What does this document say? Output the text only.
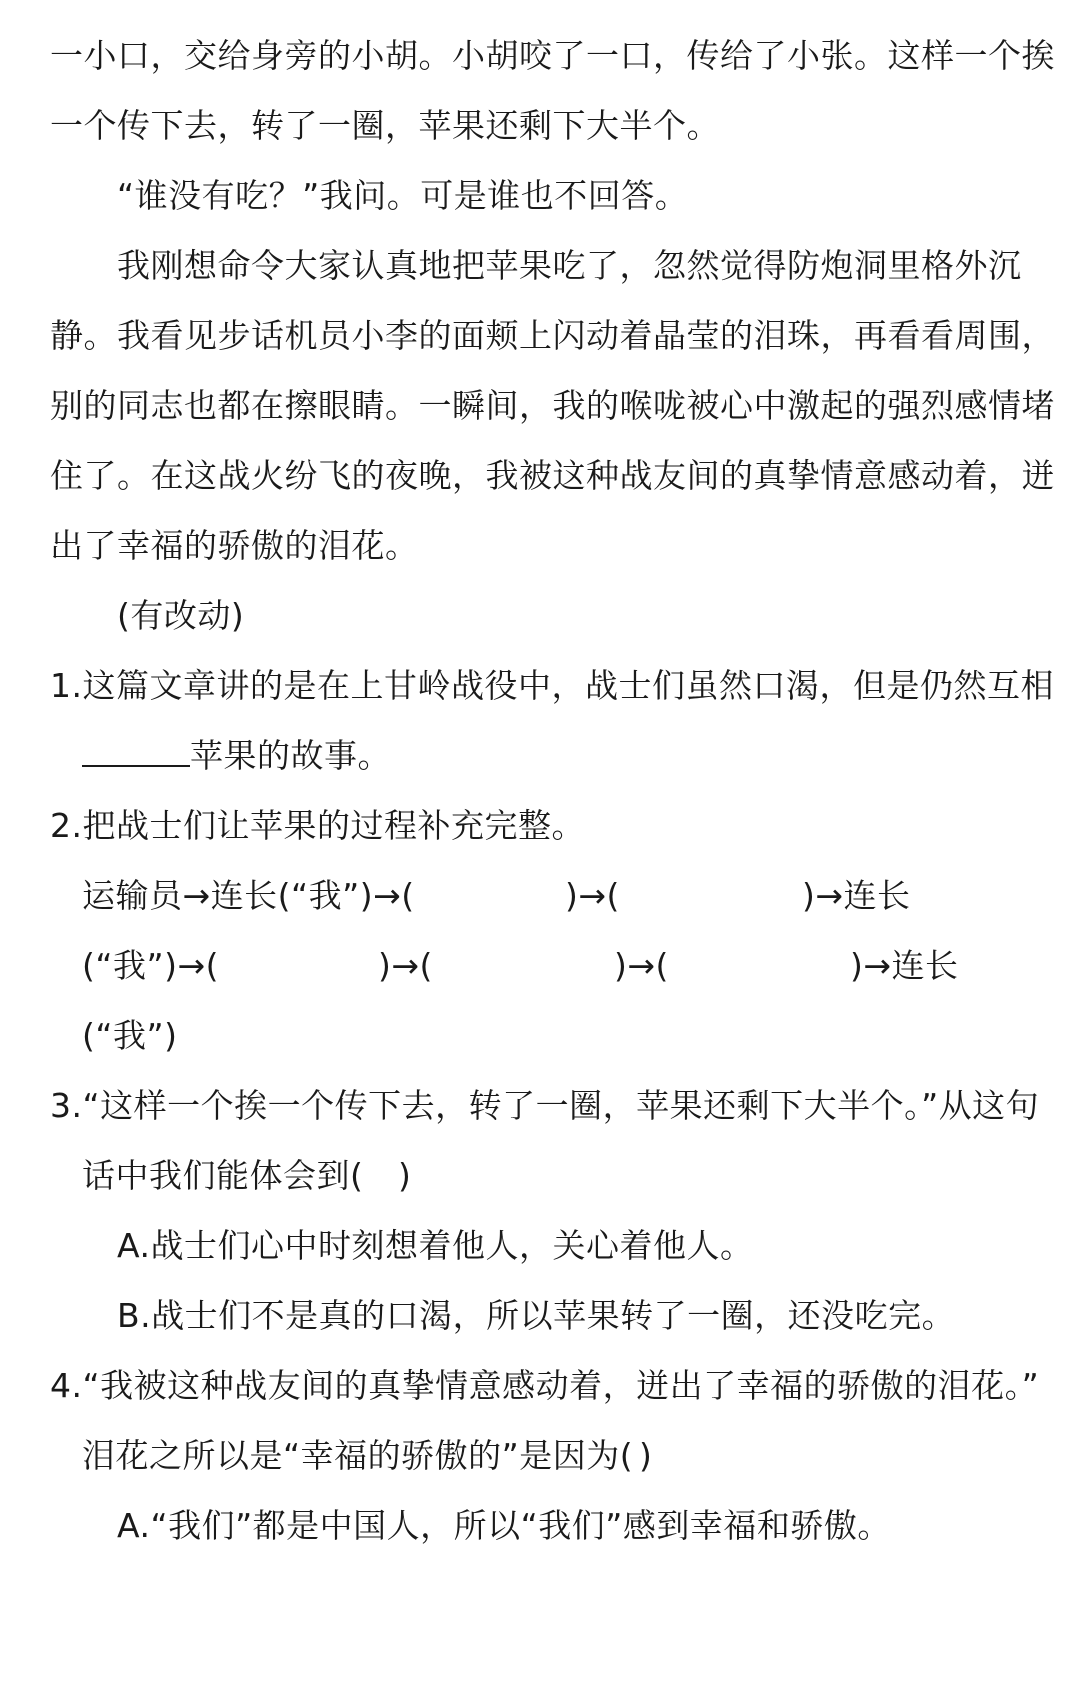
一小口，交给身旁的小胡。小胡咬了一口，传给了小张。这样一个挨
一个传下去，转了一圈，苹果还剩下大半个。
“谁没有吃？”我问。可是谁也不回答。
我刚想命令大家认真地把苹果吃了，忽然觉得防炮洞里格外沉
静。我看见步话机员小李的面颊上闪动着晶莹的泪珠，再看看周围，
别的同志也都在擦眼睛。一瞬间，我的喉咙被心中激起的强烈感情堵
住了。在这战火纷飞的夜晚，我被这种战友间的真挚情意感动着，迸
出了幸福的骄傲的泪花。
(有改动)
1.这篇文章讲的是在上甘岭战役中，战士们虽然口渴，但是仍然互相
苹果的故事。
2.把战士们让苹果的过程补充完整。
运输员→连长(“我”)→(	)→(	)→连长
(“我”)→(	)→(	)→(	)→连长
(“我”)
3.“这样一个挨一个传下去，转了一圈，苹果还剩下大半个。”从这句
话中我们能体会到( )
A.战士们心中时刻想着他人，关心着他人。
B.战士们不是真的口渴，所以苹果转了一圈，还没吃完。
4.“我被这种战友间的真挚情意感动着，迸出了幸福的骄傲的泪花。”
泪花之所以是“幸福的骄傲的”是因为( )
A.“我们”都是中国人，所以“我们”感到幸福和骄傲。
